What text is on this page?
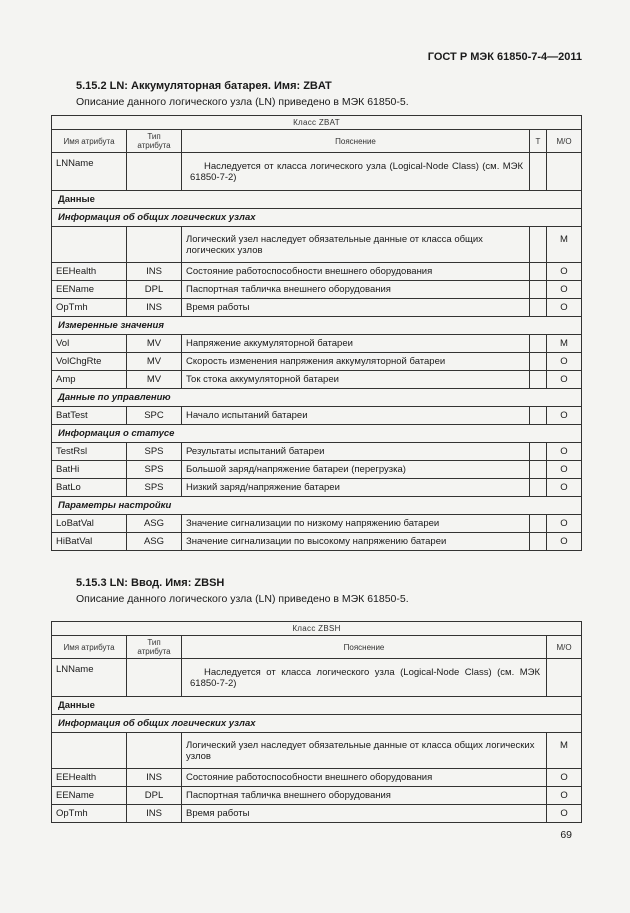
ГОСТ Р МЭК 61850-7-4—2011
5.15.2 LN: Аккумуляторная батарея. Имя: ZBAT
Описание данного логического узла (LN) приведено в МЭК 61850-5.
Класс ZBAT				
Имя атрибута	Тип атрибута	Пояснение	T	M/O
LNName		Наследуется от класса логического узла (Logical-Node Class) (см. МЭК 61850-7-2)		
Данные				
Информация об общих логических узлах				
		Логический узел наследует обязательные данные от класса общих логических узлов		M
EEHealth	INS	Состояние работоспособности внешнего оборудования		O
EEName	DPL	Паспортная табличка внешнего оборудования		O
OpTmh	INS	Время работы		O
Измеренные значения				
Vol	MV	Напряжение аккумуляторной батареи		M
VolChgRte	MV	Скорость изменения напряжения аккумуляторной батареи		O
Amp	MV	Ток стока аккумуляторной батареи		O
Данные по управлению				
BatTest	SPC	Начало испытаний батареи		O
Информация о статусе				
TestRsl	SPS	Результаты испытаний батареи		O
BatHi	SPS	Большой заряд/напряжение батареи (перегрузка)		O
BatLo	SPS	Низкий заряд/напряжение батареи		O
Параметры настройки				
LoBatVal	ASG	Значение сигнализации по низкому напряжению батареи		O
HiBatVal	ASG	Значение сигнализации по высокому напряжению батареи		O
5.15.3 LN: Ввод. Имя: ZBSH
Описание данного логического узла (LN) приведено в МЭК 61850-5.
Класс ZBSH			
Имя атрибута	Тип атрибута	Пояснение	M/O
LNName		Наследуется от класса логического узла (Logical-Node Class) (см. МЭК 61850-7-2)	
Данные			
Информация об общих логических узлах			
		Логический узел наследует обязательные данные от класса общих логических узлов	M
EEHealth	INS	Состояние работоспособности внешнего оборудования	O
EEName	DPL	Паспортная табличка внешнего оборудования	O
OpTmh	INS	Время работы	O
69
